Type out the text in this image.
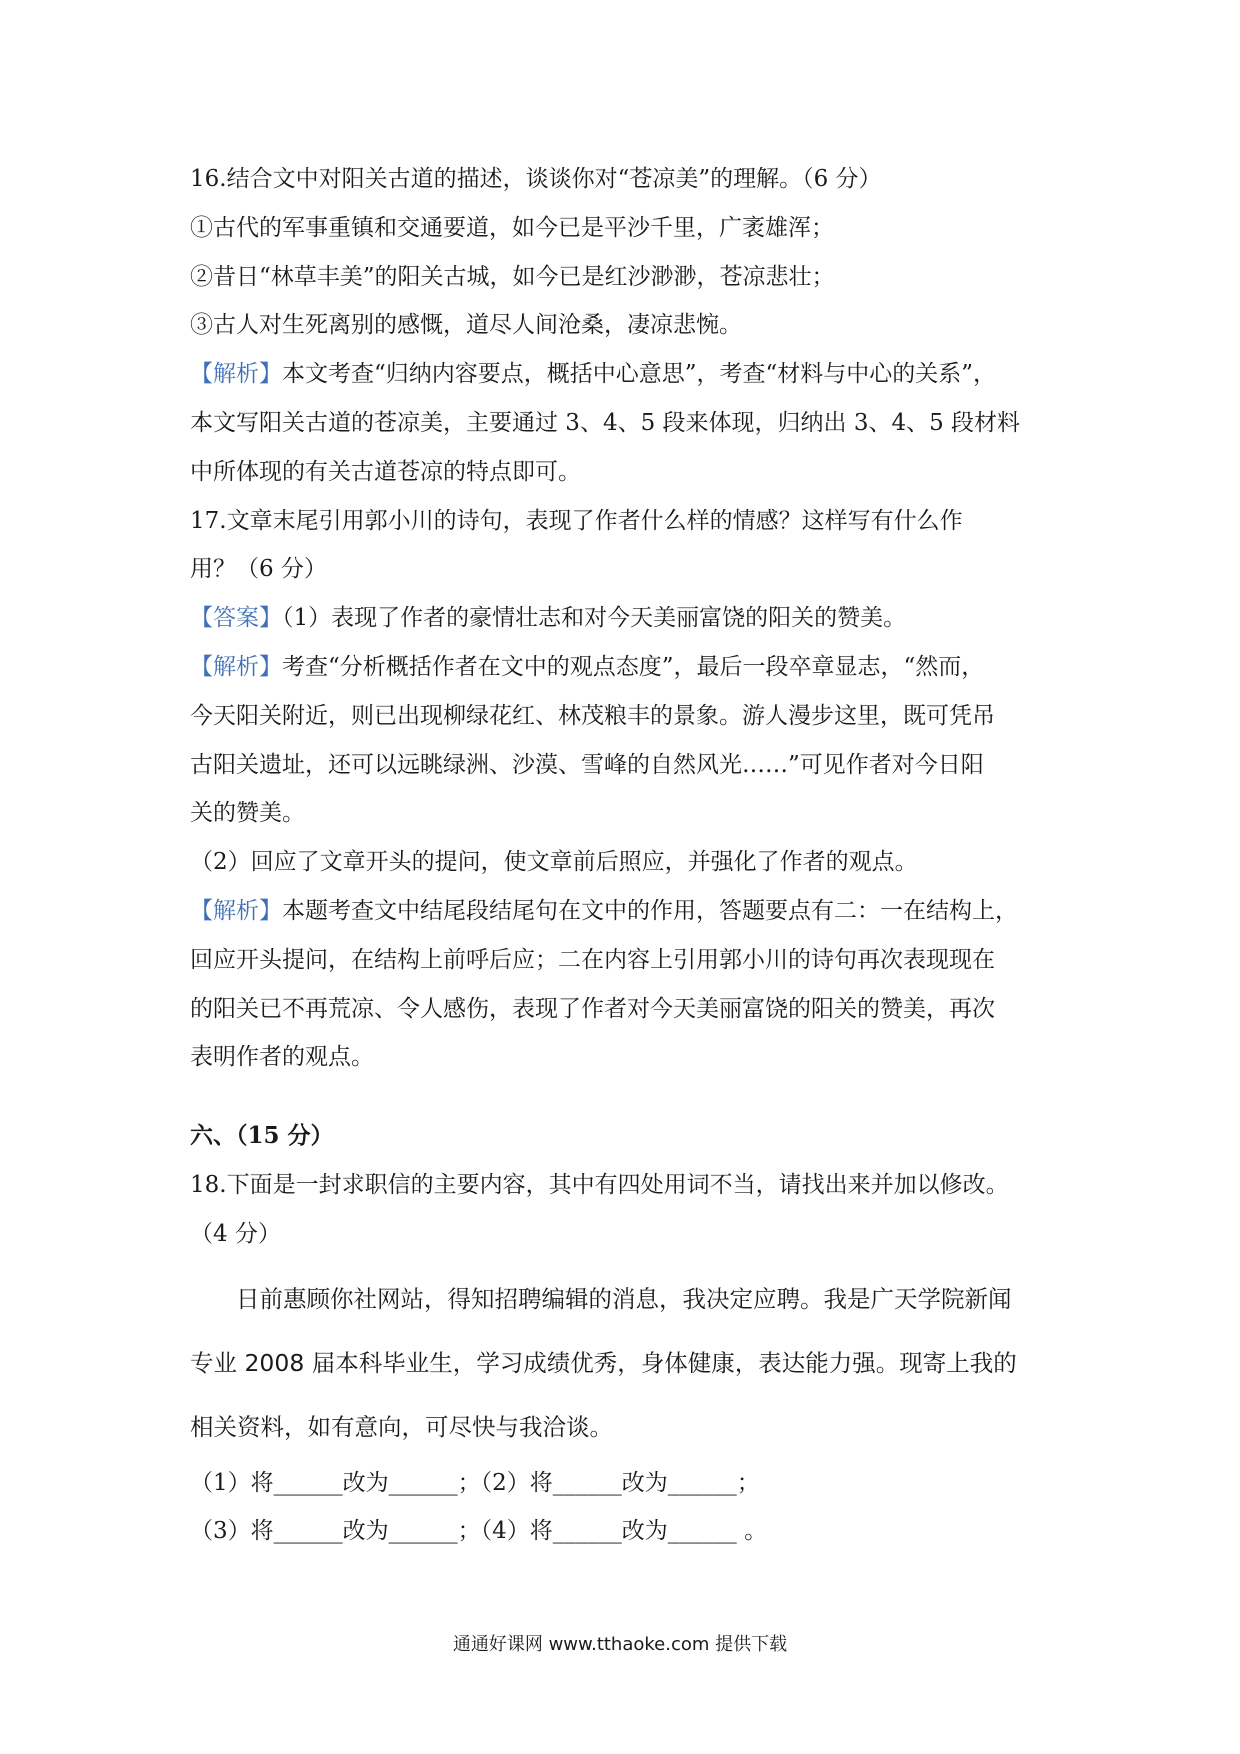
16.结合文中对阳关古道的描述，谈谈你对“苍凉美”的理解。（6 分）
①古代的军事重镇和交通要道，如今已是平沙千里，广袤雄浑；
②昔日“林草丰美”的阳关古城，如今已是红沙渺渺，苍凉悲壮；
③古人对生死离别的感慨，道尽人间沧桑，凄凉悲惋。
【解析】本文考查“归纳内容要点，概括中心意思”，考查“材料与中心的关系”，
本文写阳关古道的苍凉美，主要通过 3、4、5 段来体现，归纳出 3、4、5 段材料
中所体现的有关古道苍凉的特点即可。
17.文章末尾引用郭小川的诗句，表现了作者什么样的情感？这样写有什么作
用？（6 分）
【答案】（1）表现了作者的豪情壮志和对今天美丽富饶的阳关的赞美。
【解析】考查“分析概括作者在文中的观点态度”，最后一段卒章显志，“然而，
今天阳关附近，则已出现柳绿花红、林茂粮丰的景象。游人漫步这里，既可凭吊
古阳关遗址，还可以远眺绿洲、沙漠、雪峰的自然风光……”可见作者对今日阳
关的赞美。
（2）回应了文章开头的提问，使文章前后照应，并强化了作者的观点。
【解析】本题考查文中结尾段结尾句在文中的作用，答题要点有二：一在结构上，
回应开头提问，在结构上前呼后应；二在内容上引用郭小川的诗句再次表现现在
的阳关已不再荒凉、令人感伤，表现了作者对今天美丽富饶的阳关的赞美，再次
表明作者的观点。
六、（15 分）
18.下面是一封求职信的主要内容，其中有四处用词不当，请找出来并加以修改。
（4 分）
日前惠顾你社网站，得知招聘编辑的消息，我决定应聘。我是广天学院新闻
专业 2008 届本科毕业生，学习成绩优秀，身体健康，表达能力强。现寄上我的
相关资料，如有意向，可尽快与我洽谈。
（1）将______改为______；（2）将______改为______；
（3）将______改为______；（4）将______改为______ 。
通通好课网 www.tthaoke.com 提供下载
